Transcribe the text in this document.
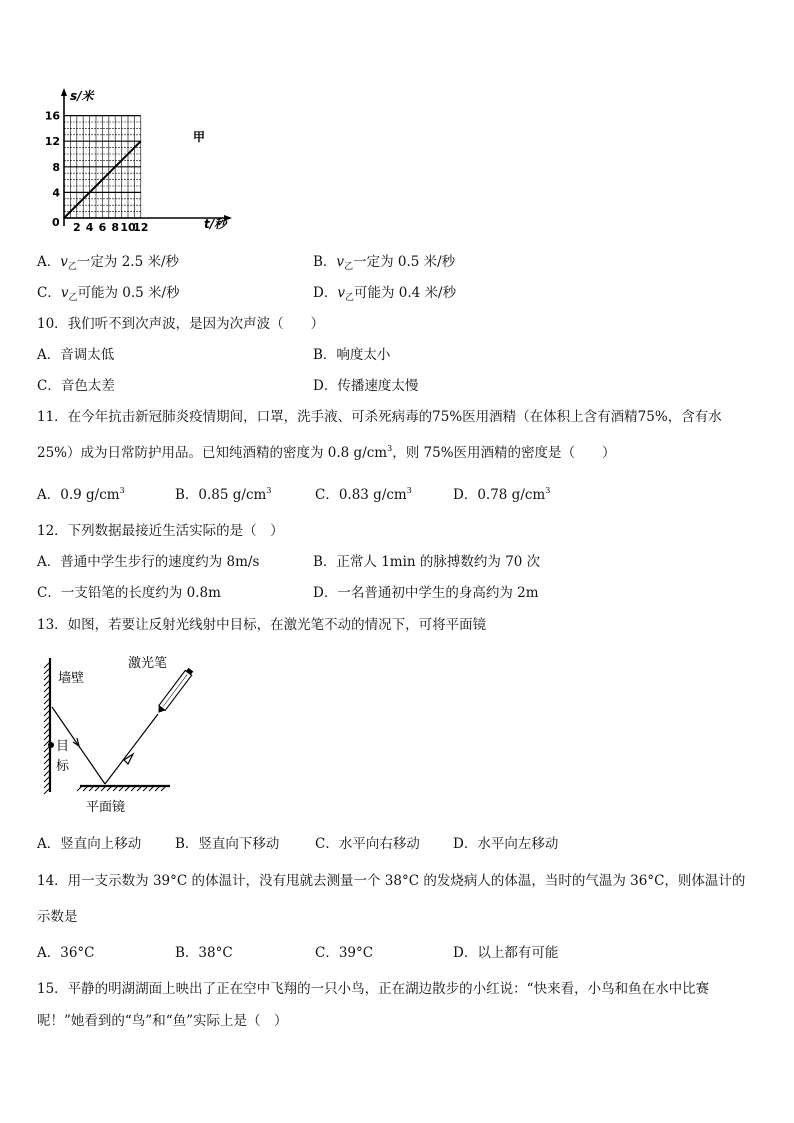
s/米
t/秒
甲
0
16
12
8
4
2 4 6 8 10
12
A．$v_乙$一定为 2.5 米/秒	B．$v_乙$一定为 0.5 米/秒
C．$v_乙$可能为 0.5 米/秒	D．$v_乙$可能为 0.4 米/秒
10．我们听不到次声波，是因为次声波（　　）
A．音调太低	B．响度太小
C．音色太差	D．传播速度太慢
11．在今年抗击新冠肺炎疫情期间，口罩，洗手液、可杀死病毒的75%医用酒精（在体积上含有酒精75%，含有水
25%）成为日常防护用品。已知纯酒精的密度为 0.8 $g/cm^3$，则 75%医用酒精的密度是（　　）
A．0.9 $g/cm^3$	B．0.85 $g/cm^3$	C．0.83 $g/cm^3$	D．0.78 $g/cm^3$
12．下列数据最接近生活实际的是（　）
A．普通中学生步行的速度约为 8m/s	B．正常人 1min 的脉搏数约为 70 次
C．一支铅笔的长度约为 0.8m	D．一名普通初中学生的身高约为 2m
13．如图，若要让反射光线射中目标，在激光笔不动的情况下，可将平面镜
墙壁
激光笔
目
标
平面镜
A．竖直向上移动	B．竖直向下移动	C．水平向右移动 D．水平向左移动
14．用一支示数为 39°C 的体温计，没有甩就去测量一个 38°C 的发烧病人的体温，当时的气温为 36°C，则体温计的
示数是
A．36°C	B．38°C	C．39°C	D．以上都有可能
15．平静的明湖湖面上映出了正在空中飞翔的一只小鸟，正在湖边散步的小红说：“快来看，小鸟和鱼在水中比赛
呢！”她看到的“鸟”和“鱼”实际上是（　）
